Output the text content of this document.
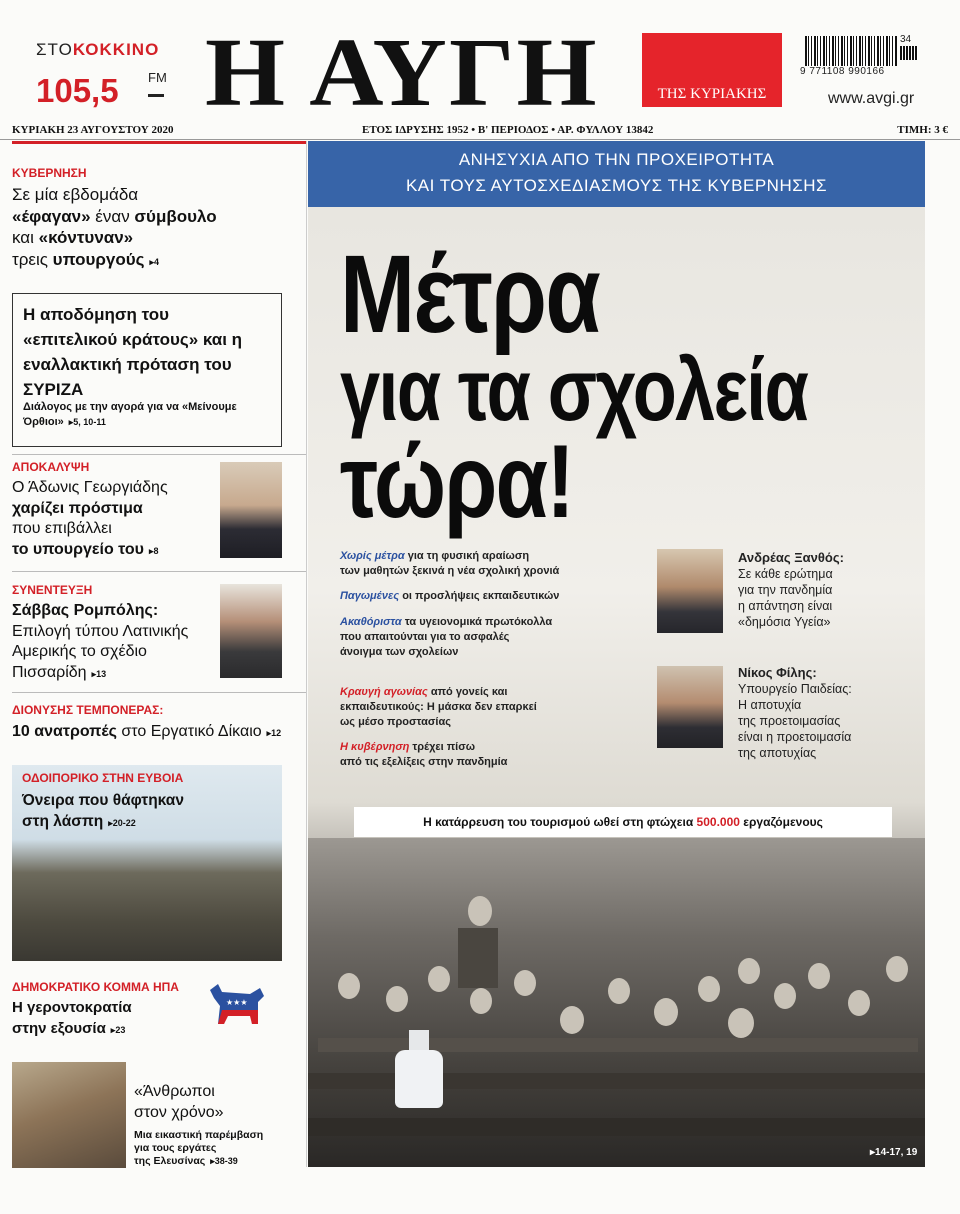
ΣΤΟΚΟΚΚΙΝΟ
105,5 FM Η ΑΥΓΗ	ΤΗΣ ΚΥΡΙΑΚΗΣ
9 771108 990166
34
www.avgi.gr
ΚΥΡΙΑΚΗ 23 ΑΥΓΟΥΣΤΟΥ 2020	ΕΤΟΣ ΙΔΡΥΣΗΣ 1952 • Β' ΠΕΡΙΟΔΟΣ • ΑΡ. ΦΥΛΛΟΥ 13842	ΤΙΜΗ: 3 €
ΚΥΒΕΡΝΗΣΗ
Σε μία εβδομάδα
«έφαγαν» έναν σύμβουλο
και «κόντυναν»
τρεις υπουργούς ▸4
Η αποδόμηση του «επιτελικού κράτους» και η εναλλακτική πρόταση του ΣΥΡΙΖΑ
Διάλογος με την αγορά για να «Μείνουμε Όρθιοι» ▸5, 10-11
ΑΠΟΚΑΛΥΨΗ
Ο Άδωνις Γεωργιάδης
χαρίζει πρόστιμα
που επιβάλλει
το υπουργείο του ▸8
ΣΥΝΕΝΤΕΥΞΗ
Σάββας Ρομπόλης:
Επιλογή τύπου Λατινικής
Αμερικής το σχέδιο
Πισσαρίδη ▸13
ΔΙΟΝΥΣΗΣ ΤΕΜΠΟΝΕΡΑΣ:
10 ανατροπές στο Εργατικό Δίκαιο ▸12
ΟΔΟΙΠΟΡΙΚΟ ΣΤΗΝ ΕΥΒΟΙΑ
Όνειρα που θάφτηκαν
στη λάσπη ▸20-22
ΔΗΜΟΚΡΑΤΙΚΟ ΚΟΜΜΑ ΗΠΑ
Η γεροντοκρατία
στην εξουσία ▸23
★★★
«Άνθρωποι
στον χρόνο»
Μια εικαστική παρέμβαση
για τους εργάτες
της Ελευσίνας ▸38-39
ΑΝΗΣΥΧΙΑ ΑΠΟ ΤΗΝ ΠΡΟΧΕΙΡΟΤΗΤΑ
ΚΑΙ ΤΟΥΣ ΑΥΤΟΣΧΕΔΙΑΣΜΟΥΣ ΤΗΣ ΚΥΒΕΡΝΗΣΗΣ
Μέτρα
για τα σχολεία
τώρα!
Χωρίς μέτρα για τη φυσική αραίωση
των μαθητών ξεκινά η νέα σχολική χρονιά
Παγωμένες οι προσλήψεις εκπαιδευτικών
Ακαθόριστα τα υγειονομικά πρωτόκολλα
που απαιτούνται για το ασφαλές
άνοιγμα των σχολείων
Κραυγή αγωνίας από γονείς και
εκπαιδευτικούς: Η μάσκα δεν επαρκεί
ως μέσο προστασίας
Η κυβέρνηση τρέχει πίσω
από τις εξελίξεις στην πανδημία
Ανδρέας Ξανθός:
Σε κάθε ερώτημα
για την πανδημία
η απάντηση είναι
«δημόσια Υγεία»
Νίκος Φίλης:
Υπουργείο Παιδείας:
Η αποτυχία
της προετοιμασίας
είναι η προετοιμασία
της αποτυχίας
Η κατάρρευση του τουρισμού ωθεί στη φτώχεια 500.000 εργαζόμενους
▸14-17, 19
